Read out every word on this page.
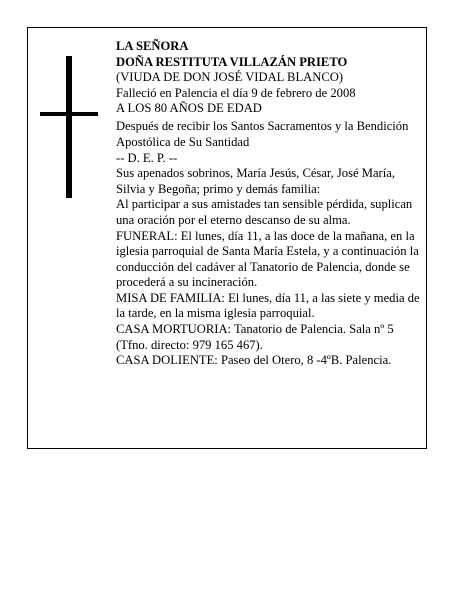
LA SEÑORA

DOÑA RESTITUTA VILLAZÁN PRIETO

(VIUDA DE DON JOSÉ VIDAL BLANCO)

Falleció en Palencia el día 9 de febrero de 2008

A LOS 80 AÑOS DE EDAD

Después de recibir los Santos Sacramentos y la Bendición Apostólica de Su Santidad

-- D. E. P. --

Sus apenados sobrinos, María Jesús, César, José María, Silvia y Begoña; primo y demás familia:

Al participar a sus amistades tan sensible pérdida, suplican una oración por el eterno descanso de su alma.

FUNERAL: El lunes, día 11, a las doce de la mañana, en la iglesia parroquial de Santa María Estela, y a continuación la conducción del cadáver al Tanatorio de Palencia, donde se procederá a su incineración.

MISA DE FAMILIA: El lunes, día 11, a las siete y media de la tarde, en la misma iglesia parroquial.

CASA MORTUORIA: Tanatorio de Palencia. Sala nº 5 (Tfno. directo: 979 165 467).

CASA DOLIENTE: Paseo del Otero, 8 -4ºB. Palencia.
